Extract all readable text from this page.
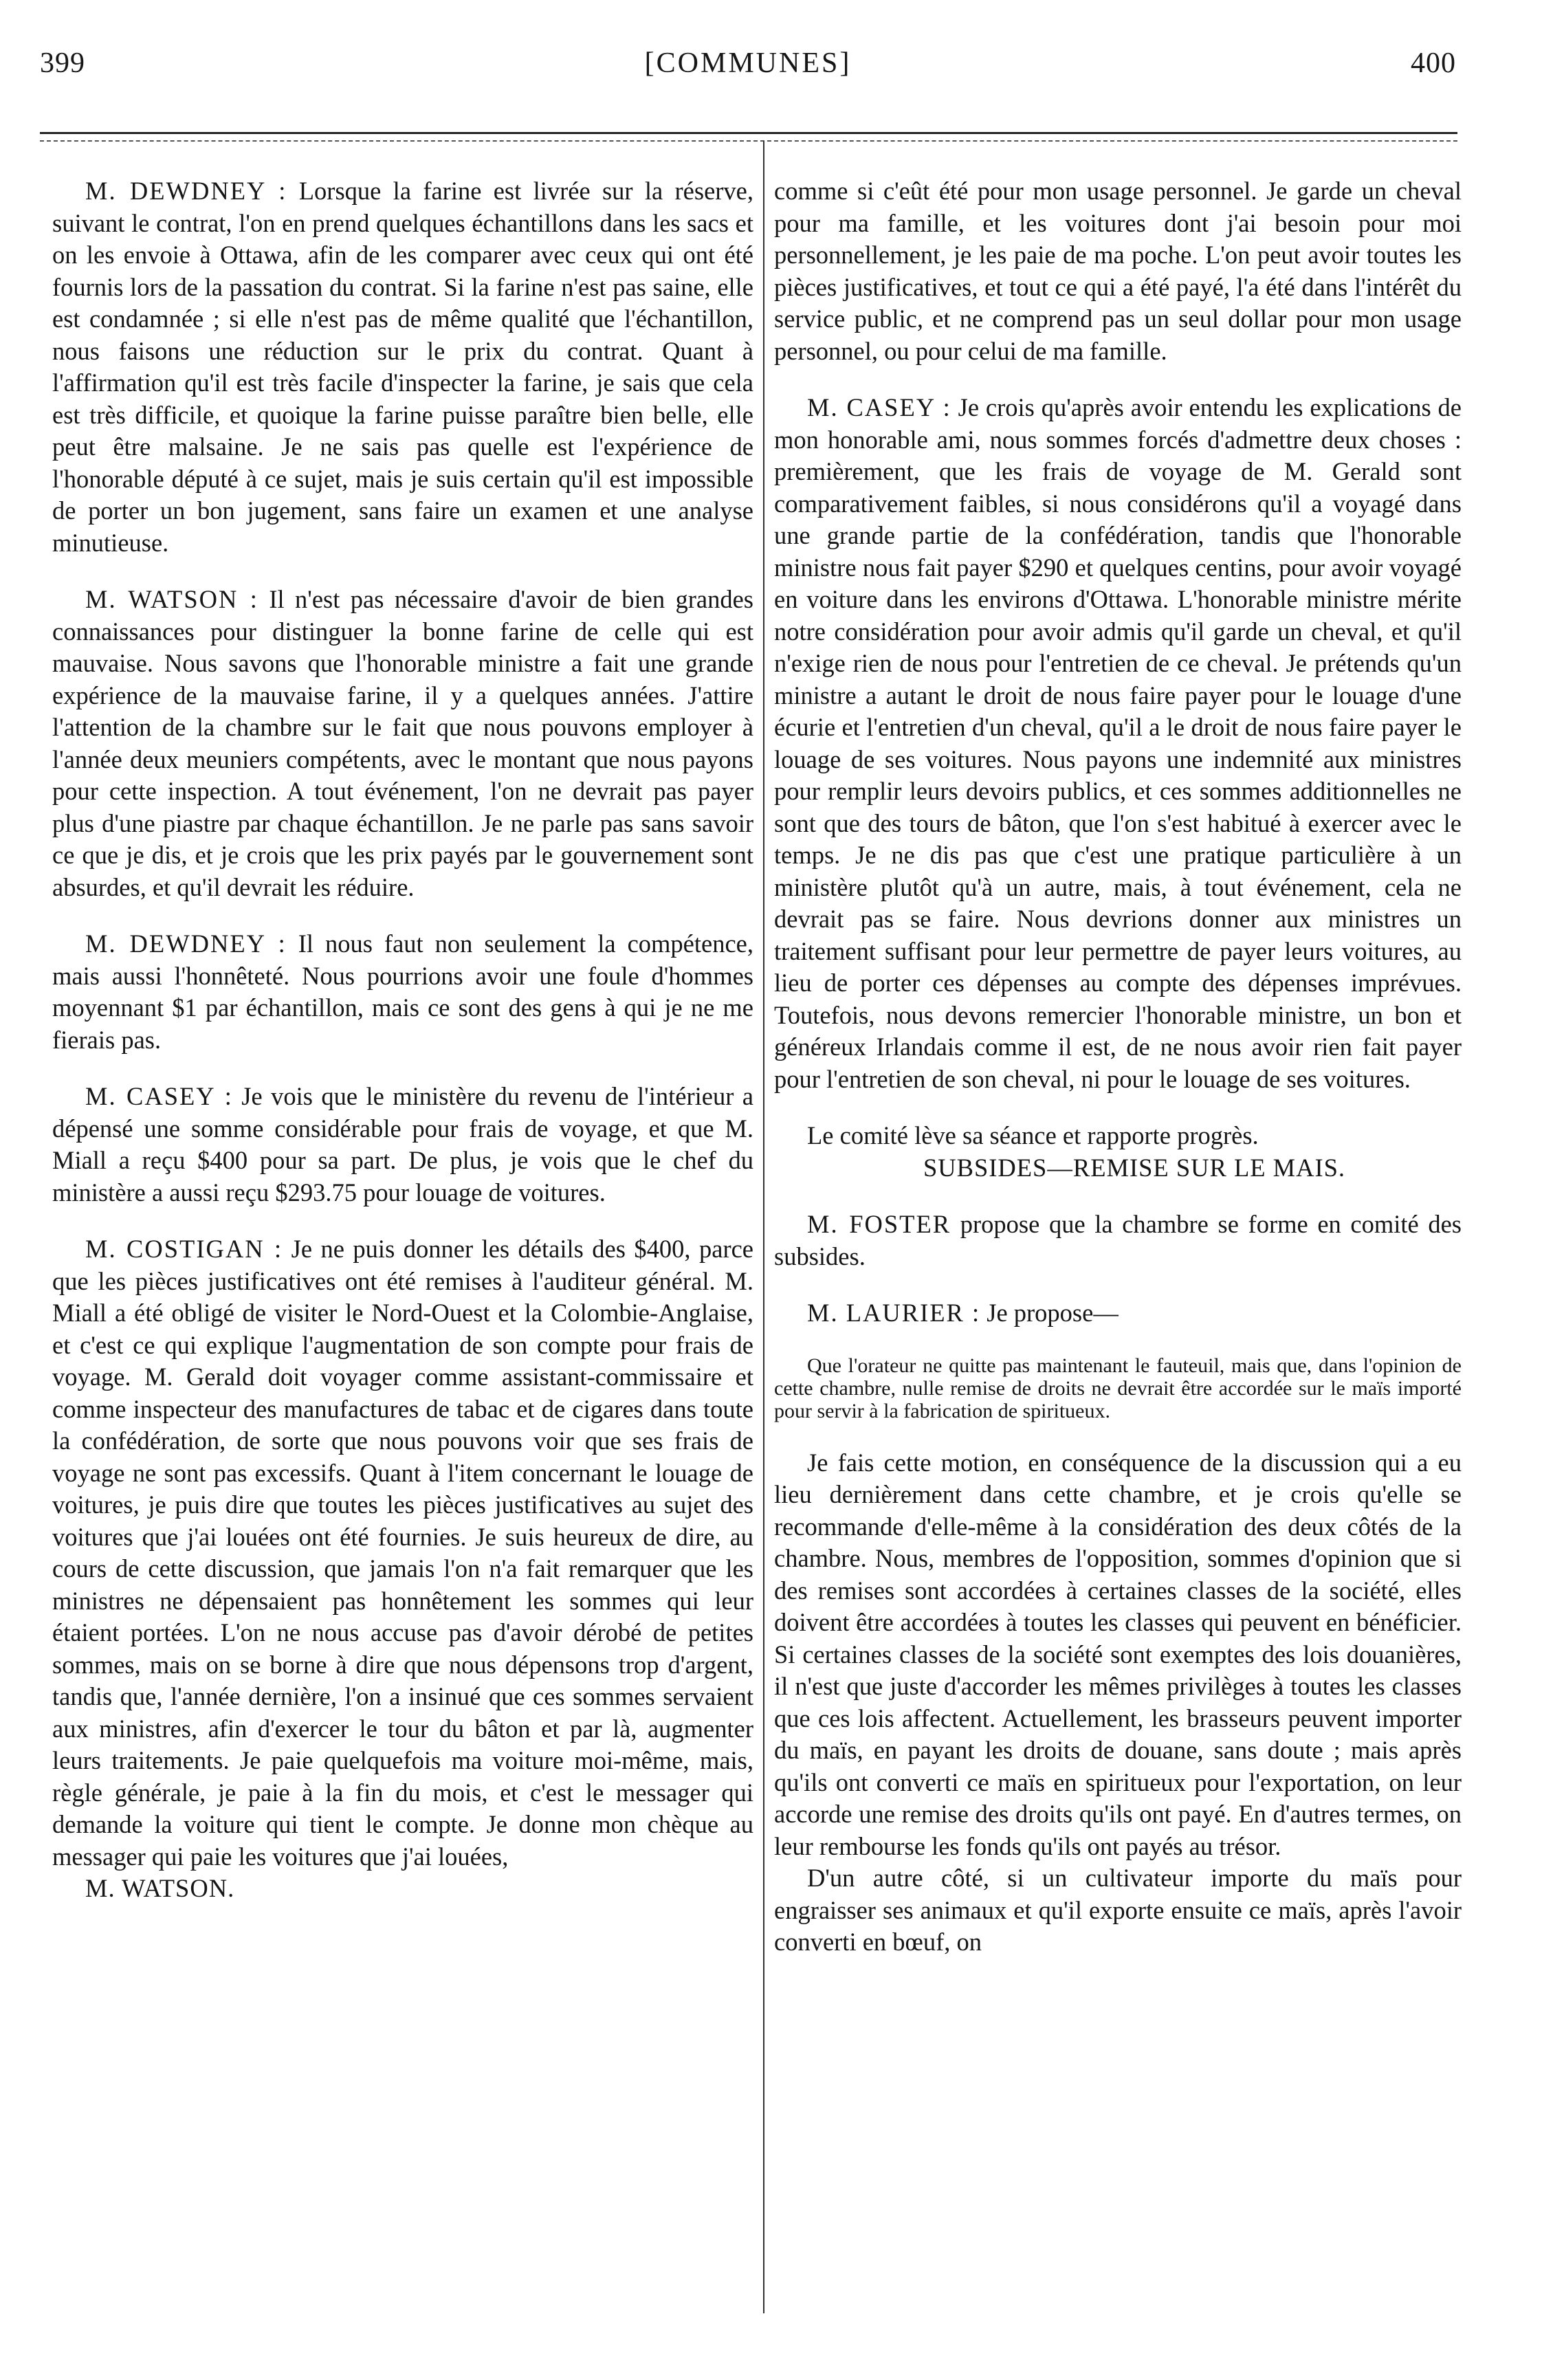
399	[COMMUNES]	400

M. DEWDNEY : Lorsque la farine est livrée sur la réserve, suivant le contrat, l'on en prend quelques échantillons dans les sacs et on les envoie à Ottawa, afin de les comparer avec ceux qui ont été fournis lors de la passation du contrat. Si la farine n'est pas saine, elle est condamnée ; si elle n'est pas de même qualité que l'échantillon, nous faisons une réduction sur le prix du contrat. Quant à l'affirmation qu'il est très facile d'inspecter la farine, je sais que cela est très difficile, et quoique la farine puisse paraître bien belle, elle peut être malsaine. Je ne sais pas quelle est l'expérience de l'honorable député à ce sujet, mais je suis certain qu'il est impossible de porter un bon jugement, sans faire un examen et une analyse minutieuse.

M. WATSON : Il n'est pas nécessaire d'avoir de bien grandes connaissances pour distinguer la bonne farine de celle qui est mauvaise. Nous savons que l'honorable ministre a fait une grande expérience de la mauvaise farine, il y a quelques années. J'attire l'attention de la chambre sur le fait que nous pouvons employer à l'année deux meuniers compétents, avec le montant que nous payons pour cette inspection. A tout événement, l'on ne devrait pas payer plus d'une piastre par chaque échantillon. Je ne parle pas sans savoir ce que je dis, et je crois que les prix payés par le gouvernement sont absurdes, et qu'il devrait les réduire.

M. DEWDNEY : Il nous faut non seulement la compétence, mais aussi l'honnêteté. Nous pourrions avoir une foule d'hommes moyennant $1 par échantillon, mais ce sont des gens à qui je ne me fierais pas.

M. CASEY : Je vois que le ministère du revenu de l'intérieur a dépensé une somme considérable pour frais de voyage, et que M. Miall a reçu $400 pour sa part. De plus, je vois que le chef du ministère a aussi reçu $293.75 pour louage de voitures.

M. COSTIGAN : Je ne puis donner les détails des $400, parce que les pièces justificatives ont été remises à l'auditeur général. M. Miall a été obligé de visiter le Nord-Ouest et la Colombie-Anglaise, et c'est ce qui explique l'augmentation de son compte pour frais de voyage. M. Gerald doit voyager comme assistant-commissaire et comme inspecteur des manufactures de tabac et de cigares dans toute la confédération, de sorte que nous pouvons voir que ses frais de voyage ne sont pas excessifs. Quant à l'item concernant le louage de voitures, je puis dire que toutes les pièces justificatives au sujet des voitures que j'ai louées ont été fournies. Je suis heureux de dire, au cours de cette discussion, que jamais l'on n'a fait remarquer que les ministres ne dépensaient pas honnêtement les sommes qui leur étaient portées. L'on ne nous accuse pas d'avoir dérobé de petites sommes, mais on se borne à dire que nous dépensons trop d'argent, tandis que, l'année dernière, l'on a insinué que ces sommes servaient aux ministres, afin d'exercer le tour du bâton et par là, augmenter leurs traitements. Je paie quelquefois ma voiture moi-même, mais, règle générale, je paie à la fin du mois, et c'est le messager qui demande la voiture qui tient le compte. Je donne mon chèque au messager qui paie les voitures que j'ai louées,

M. WATSON.

comme si c'eût été pour mon usage personnel. Je garde un cheval pour ma famille, et les voitures dont j'ai besoin pour moi personnellement, je les paie de ma poche. L'on peut avoir toutes les pièces justificatives, et tout ce qui a été payé, l'a été dans l'intérêt du service public, et ne comprend pas un seul dollar pour mon usage personnel, ou pour celui de ma famille.

M. CASEY : Je crois qu'après avoir entendu les explications de mon honorable ami, nous sommes forcés d'admettre deux choses : premièrement, que les frais de voyage de M. Gerald sont comparativement faibles, si nous considérons qu'il a voyagé dans une grande partie de la confédération, tandis que l'honorable ministre nous fait payer $290 et quelques centins, pour avoir voyagé en voiture dans les environs d'Ottawa. L'honorable ministre mérite notre considération pour avoir admis qu'il garde un cheval, et qu'il n'exige rien de nous pour l'entretien de ce cheval. Je prétends qu'un ministre a autant le droit de nous faire payer pour le louage d'une écurie et l'entretien d'un cheval, qu'il a le droit de nous faire payer le louage de ses voitures. Nous payons une indemnité aux ministres pour remplir leurs devoirs publics, et ces sommes additionnelles ne sont que des tours de bâton, que l'on s'est habitué à exercer avec le temps. Je ne dis pas que c'est une pratique particulière à un ministère plutôt qu'à un autre, mais, à tout événement, cela ne devrait pas se faire. Nous devrions donner aux ministres un traitement suffisant pour leur permettre de payer leurs voitures, au lieu de porter ces dépenses au compte des dépenses imprévues. Toutefois, nous devons remercier l'honorable ministre, un bon et généreux Irlandais comme il est, de ne nous avoir rien fait payer pour l'entretien de son cheval, ni pour le louage de ses voitures.

Le comité lève sa séance et rapporte progrès.

SUBSIDES—REMISE SUR LE MAIS.

M. FOSTER propose que la chambre se forme en comité des subsides.

M. LAURIER : Je propose—

Que l'orateur ne quitte pas maintenant le fauteuil, mais que, dans l'opinion de cette chambre, nulle remise de droits ne devrait être accordée sur le maïs importé pour servir à la fabrication de spiritueux.

Je fais cette motion, en conséquence de la discussion qui a eu lieu dernièrement dans cette chambre, et je crois qu'elle se recommande d'elle-même à la considération des deux côtés de la chambre. Nous, membres de l'opposition, sommes d'opinion que si des remises sont accordées à certaines classes de la société, elles doivent être accordées à toutes les classes qui peuvent en bénéficier. Si certaines classes de la société sont exemptes des lois douanières, il n'est que juste d'accorder les mêmes privilèges à toutes les classes que ces lois affectent. Actuellement, les brasseurs peuvent importer du maïs, en payant les droits de douane, sans doute ; mais après qu'ils ont converti ce maïs en spiritueux pour l'exportation, on leur accorde une remise des droits qu'ils ont payé. En d'autres termes, on leur rembourse les fonds qu'ils ont payés au trésor.

D'un autre côté, si un cultivateur importe du maïs pour engraisser ses animaux et qu'il exporte ensuite ce maïs, après l'avoir converti en bœuf, on
